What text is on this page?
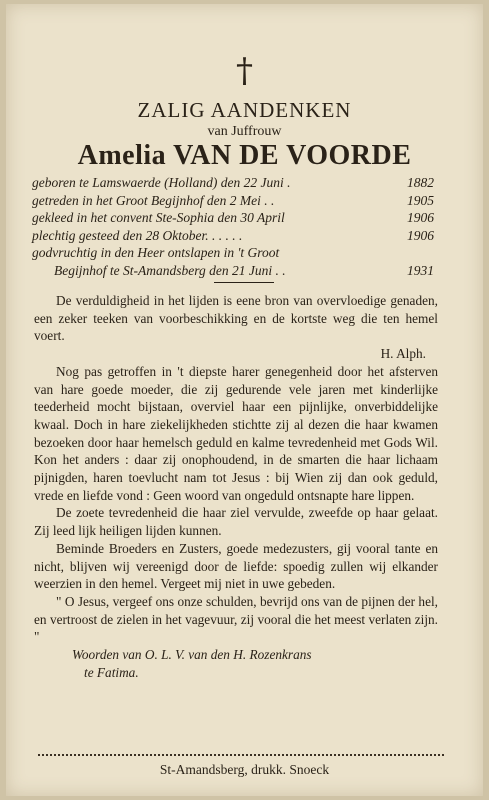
†
ZALIG AANDENKEN
van Juffrouw
Amelia VAN DE VOORDE
geboren te Lamswaerde (Holland) den 22 Juni .	1882
getreden in het Groot Begijnhof den 2 Mei . .	1905
gekleed in het convent Ste-Sophia den 30 April	1906
plechtig gesteed den 28 Oktober. . . . . .	1906
godvruchtig in den Heer ontslapen in 't Groot
Begijnhof te St-Amandsberg den 21 Juni . .	1931

De verduldigheid in het lijden is eene bron van overvloedige genaden, een zeker teeken van voorbeschikking en de kortste weg die ten hemel voert.

H. Alph.

Nog pas getroffen in 't diepste harer genegenheid door het afsterven van hare goede moeder, die zij gedurende vele jaren met kinderlijke teederheid mocht bijstaan, overviel haar een pijnlijke, onverbiddelijke kwaal. Doch in hare ziekelijkheden stichtte zij al dezen die haar kwamen bezoeken door haar hemelsch geduld en kalme tevredenheid met Gods Wil. Kon het anders : daar zij onophoudend, in de smarten die haar lichaam pijnigden, haren toevlucht nam tot Jesus : bij Wien zij dan ook geduld, vrede en liefde vond : Geen woord van ongeduld ontsnapte hare lippen.

De zoete tevredenheid die haar ziel vervulde, zweefde op haar gelaat. Zij leed lijk heiligen lijden kunnen.

Beminde Broeders en Zusters, goede medezusters, gij vooral tante en nicht, blijven wij vereenigd door de liefde: spoedig zullen wij elkander weerzien in den hemel. Vergeet mij niet in uwe gebeden.

" O Jesus, vergeef ons onze schulden, bevrijd ons van de pijnen der hel, en vertroost de zielen in het vagevuur, zij vooral die het meest verlaten zijn. "

Woorden van O. L. V. van den H. Rozenkrans

te Fatima.

St-Amandsberg, drukk. Snoeck
